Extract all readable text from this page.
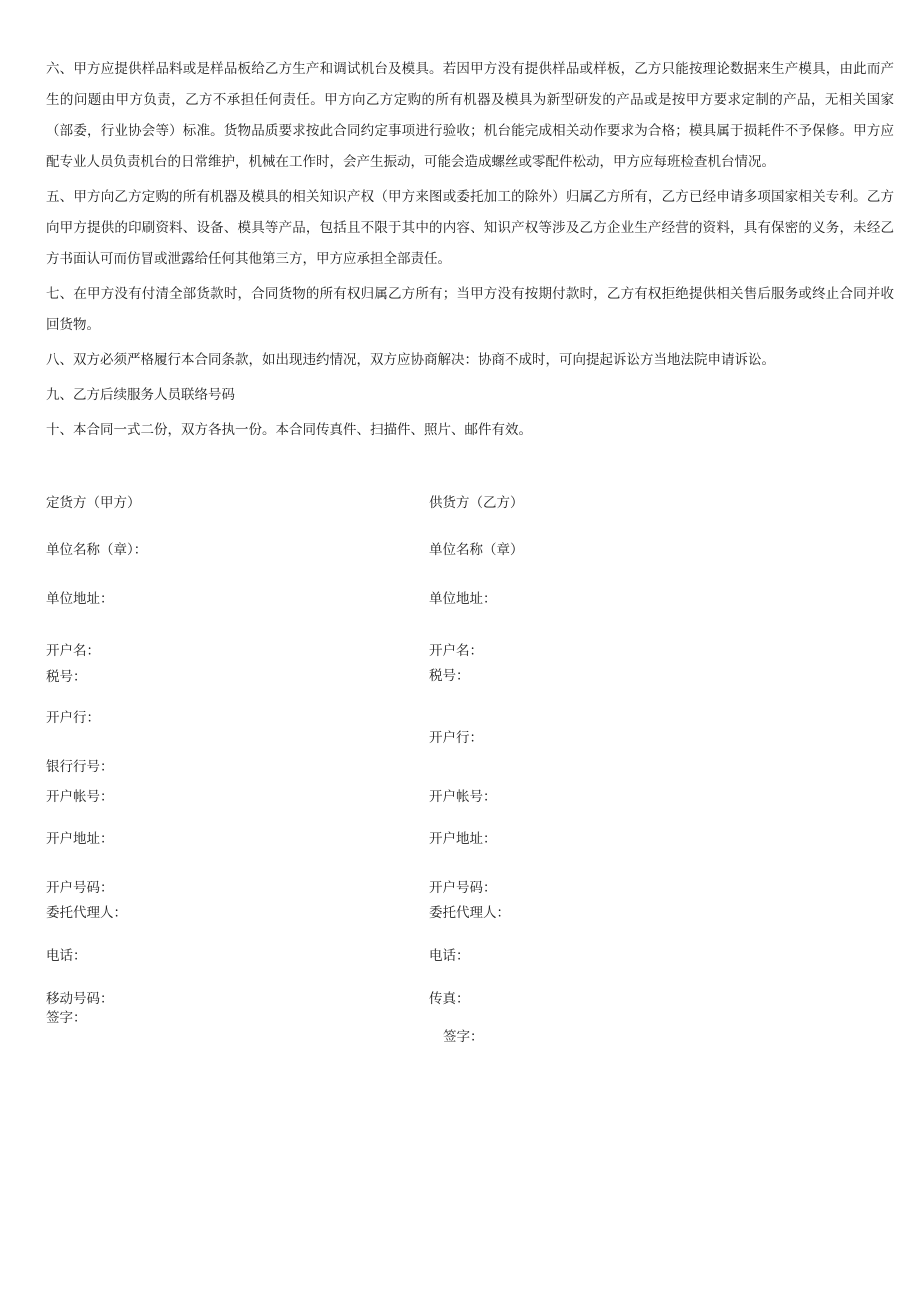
六、甲方应提供样品料或是样品板给乙方生产和调试机台及模具。若因甲方没有提供样品或样板，乙方只能按理论数据来生产模具，由此而产生的问题由甲方负责，乙方不承担任何责任。甲方向乙方定购的所有机器及模具为新型研发的产品或是按甲方要求定制的产品，无相关国家（部委，行业协会等）标准。货物品质要求按此合同约定事项进行验收；机台能完成相关动作要求为合格；模具属于损耗件不予保修。甲方应配专业人员负责机台的日常维护，机械在工作时，会产生振动，可能会造成螺丝或零配件松动，甲方应每班检查机台情况。

五、甲方向乙方定购的所有机器及模具的相关知识产权（甲方来图或委托加工的除外）归属乙方所有，乙方已经申请多项国家相关专利。乙方向甲方提供的印刷资料、设备、模具等产品，包括且不限于其中的内容、知识产权等涉及乙方企业生产经营的资料，具有保密的义务，未经乙方书面认可而仿冒或泄露给任何其他第三方，甲方应承担全部责任。

七、在甲方没有付清全部货款时，合同货物的所有权归属乙方所有；当甲方没有按期付款时，乙方有权拒绝提供相关售后服务或终止合同并收回货物。

八、双方必须严格履行本合同条款，如出现违约情况，双方应协商解决：协商不成时，可向提起诉讼方当地法院申请诉讼。

九、乙方后续服务人员联络号码

十、本合同一式二份，双方各执一份。本合同传真件、扫描件、照片、邮件有效。

定货方（甲方）
单位名称（章）：
单位地址：
开户名：
税号：
开户行：
银行行号：
开户帐号：
开户地址：
开户号码：
委托代理人：
电话：
移动号码：
签字：
供货方（乙方）
单位名称（章）
单位地址：
开户名：
税号：
开户行：
开户帐号：
开户地址：
开户号码：
委托代理人：
电话：
传真：
签字：
